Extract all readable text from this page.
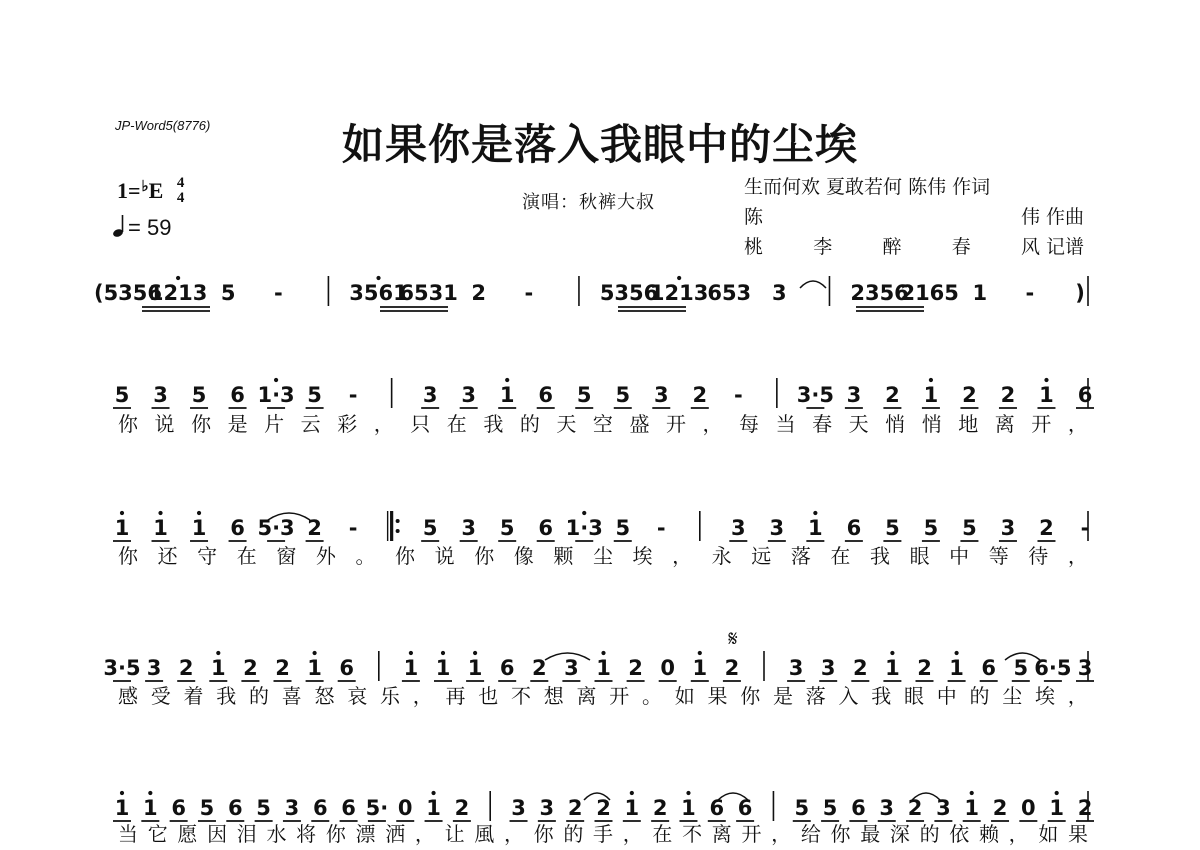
JP-Word5(8776)	如果你是落入我眼中的尘埃
1=♭E 4
4
= 59
演唱：秋裤大叔
生而何欢 夏敢若何 陈伟 作词
陈	伟 作曲
桃	李	醉	春	风 记谱
(5356
1213 5 -	3561
6531 2 -	5356
1213
653 3	2356
2165 1 - )
5 3 5 6 1·3 5 -	3 3 1 6 5 5 3 2 -	3·5 3 2 1 2 2 1 6
1 1 1 6 5·3 2 -	5 3 5 6 1·3 5 -	3 3 1 6 5 5 5 3 2 -
3·5 3 2 1 2 2 1 6 1 1 1 6 2 3 1 2 0 1 2 3 3 2 1 2 1 6 5 6·5 3
1 1 6 5 6 5 3 6 6 5· 0 1 2 3 3 2 2 1 2 1 6 6 5 5 6 3 2 3 1 2 0 1 2
𝄋
你 说 你 是 片 云 彩 ， 只 在 我 的 天 空 盛 开 ， 每 当 春 天 悄 悄 地 离 开 ，
你 还 守 在 窗 外 。 你 说 你 像 颗 尘 埃 ， 永 远 落 在 我 眼 中 等 待 ，
感 受 着 我 的 喜 怒 哀 乐 ， 再 也 不 想 离 开 。 如 果 你 是 落 入 我 眼 中 的 尘 埃 ，
当 它 愿 因 泪 水 将 你 漂 洒 ， 让 風 ， 你 的 手 ， 在 不 离 开 ， 给 你 最 深 的 依 赖 ， 如 果
